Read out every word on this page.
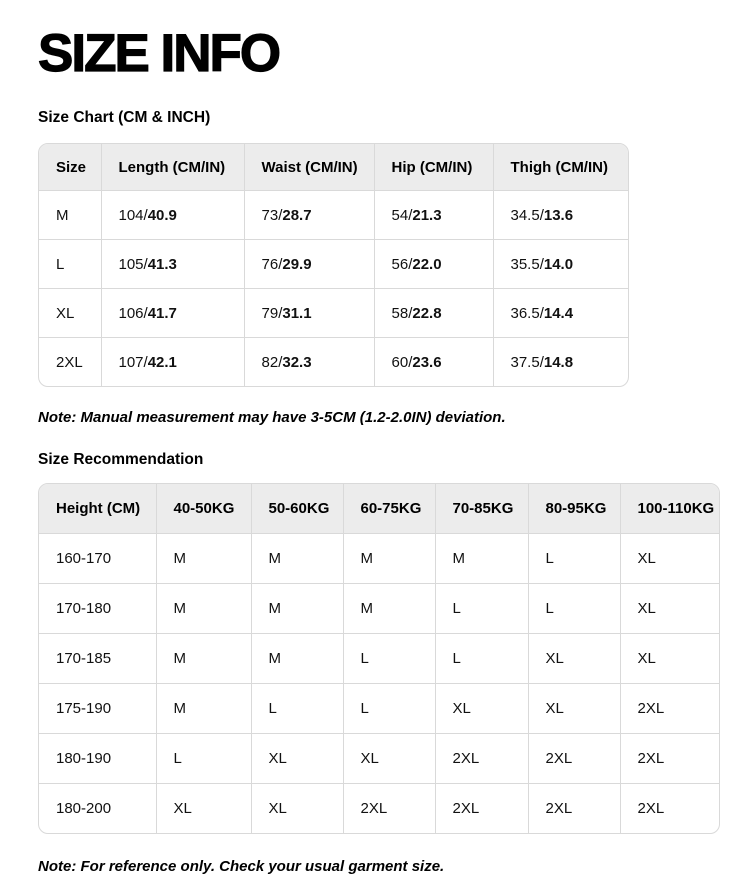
SIZE INFO
Size Chart (CM & INCH)
Size	Length (CM/IN)	Waist (CM/IN)	Hip (CM/IN)	Thigh (CM/IN)
M	104/40.9	73/28.7	54/21.3	34.5/13.6
L	105/41.3	76/29.9	56/22.0	35.5/14.0
XL	106/41.7	79/31.1	58/22.8	36.5/14.4
2XL	107/42.1	82/32.3	60/23.6	37.5/14.8

Note: Manual measurement may have 3-5CM (1.2-2.0IN) deviation.

Size Recommendation
Height (CM)	40-50KG	50-60KG	60-75KG	70-85KG	80-95KG	100-110KG
160-170	M	M	M	M	L	XL
170-180	M	M	M	L	L	XL
170-185	M	M	L	L	XL	XL
175-190	M	L	L	XL	XL	2XL
180-190	L	XL	XL	2XL	2XL	2XL
180-200	XL	XL	2XL	2XL	2XL	2XL

Note: For reference only. Check your usual garment size.
